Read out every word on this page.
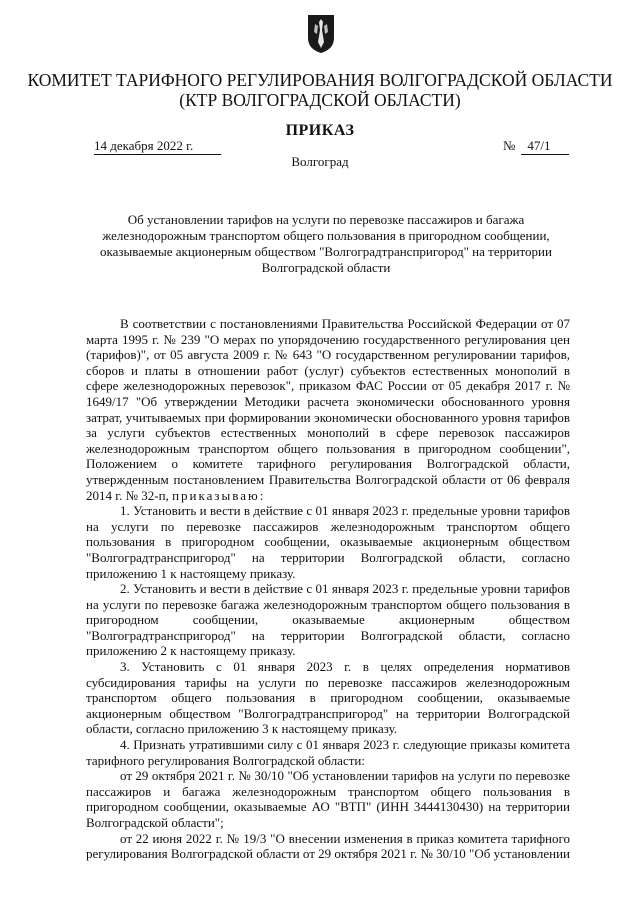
КОМИТЕТ ТАРИФНОГО РЕГУЛИРОВАНИЯ ВОЛГОГРАДСКОЙ ОБЛАСТИ
(КТР ВОЛГОГРАДСКОЙ ОБЛАСТИ)
ПРИКАЗ
14 декабря 2022 г.	№ 47/1
Волгоград
Об установлении тарифов на услуги по перевозке пассажиров и багажа железнодорожным транспортом общего пользования в пригородном сообщении, оказываемые акционерным обществом "Волгоградтранспригород" на территории Волгоградской области

В соответствии с постановлениями Правительства Российской Федерации от 07 марта 1995 г. № 239 "О мерах по упорядочению государственного регулирования цен (тарифов)", от 05 августа 2009 г. № 643 "О государственном регулировании тарифов, сборов и платы в отношении работ (услуг) субъектов естественных монополий в сфере железнодорожных перевозок", приказом ФАС России от 05 декабря 2017 г. № 1649/17 "Об утверждении Методики расчета экономически обоснованного уровня затрат, учитываемых при формировании экономически обоснованного уровня тарифов за услуги субъектов естественных монополий в сфере перевозок пассажиров железнодорожным транспортом общего пользования в пригородном сообщении", Положением о комитете тарифного регулирования Волгоградской области, утвержденным постановлением Правительства Волгоградской области от 06 февраля 2014 г. № 32-п, приказываю:

1. Установить и вести в действие с 01 января 2023 г. предельные уровни тарифов на услуги по перевозке пассажиров железнодорожным транспортом общего пользования в пригородном сообщении, оказываемые акционерным обществом "Волгоградтранспригород" на территории Волгоградской области, согласно приложению 1 к настоящему приказу.

2. Установить и вести в действие с 01 января 2023 г. предельные уровни тарифов на услуги по перевозке багажа железнодорожным транспортом общего пользования в пригородном сообщении, оказываемые акционерным обществом "Волгоградтранспригород" на территории Волгоградской области, согласно приложению 2 к настоящему приказу.

3. Установить с 01 января 2023 г. в целях определения нормативов субсидирования тарифы на услуги по перевозке пассажиров железнодорожным транспортом общего пользования в пригородном сообщении, оказываемые акционерным обществом "Волгоградтранспригород" на территории Волгоградской области, согласно приложению 3 к настоящему приказу.

4. Признать утратившими силу с 01 января 2023 г. следующие приказы комитета тарифного регулирования Волгоградской области:

от 29 октября 2021 г. № 30/10 "Об установлении тарифов на услуги по перевозке пассажиров и багажа железнодорожным транспортом общего пользования в пригородном сообщении, оказываемые АО "ВТП" (ИНН 3444130430) на территории Волгоградской области";

от 22 июня 2022 г. № 19/3 "О внесении изменения в приказ комитета тарифного регулирования Волгоградской области от 29 октября 2021 г. № 30/10 "Об установлении
